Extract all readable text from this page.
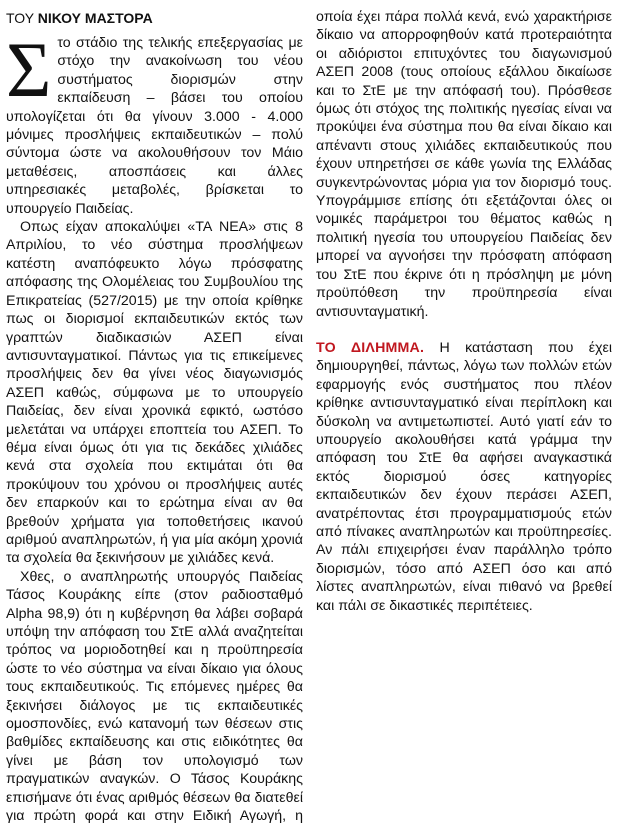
ΤΟΥ ΝΙΚΟΥ ΜΑΣΤΟΡΑ

Στο στάδιο της τελικής επεξεργασίας με στόχο την ανακοίνωση του νέου συστήματος διορισμών στην εκπαίδευση – βάσει του οποίου υπολογίζεται ότι θα γίνουν 3.000 - 4.000 μόνιμες προσλήψεις εκπαιδευτικών – πολύ σύντομα ώστε να ακολουθήσουν τον Μάιο μεταθέσεις, αποσπάσεις και άλλες υπηρεσιακές μεταβολές, βρίσκεται το υπουργείο Παιδείας.

Οπως είχαν αποκαλύψει «ΤΑ ΝΕΑ» στις 8 Απριλίου, το νέο σύστημα προσλήψεων κατέστη αναπόφευκτο λόγω πρόσφατης απόφασης της Ολομέλειας του Συμβουλίου της Επικρατείας (527/2015) με την οποία κρίθηκε πως οι διορισμοί εκπαιδευτικών εκτός των γραπτών διαδικασιών ΑΣΕΠ είναι αντισυνταγματικοί. Πάντως για τις επικείμενες προσλήψεις δεν θα γίνει νέος διαγωνισμός ΑΣΕΠ καθώς, σύμφωνα με το υπουργείο Παιδείας, δεν είναι χρονικά εφικτό, ωστόσο μελετάται να υπάρχει εποπτεία του ΑΣΕΠ. Το θέμα είναι όμως ότι για τις δεκάδες χιλιάδες κενά στα σχολεία που εκτιμάται ότι θα προκύψουν του χρόνου οι προσλήψεις αυτές δεν επαρκούν και το ερώτημα είναι αν θα βρεθούν χρήματα για τοποθετήσεις ικανού αριθμού αναπληρωτών, ή για μία ακόμη χρονιά τα σχολεία θα ξεκινήσουν με χιλιάδες κενά.

Χθες, ο αναπληρωτής υπουργός Παιδείας Τάσος Κουράκης είπε (στον ραδιοσταθμό Alpha 98,9) ότι η κυβέρνηση θα λάβει σοβαρά υπόψη την απόφαση του ΣτΕ αλλά αναζητείται τρόπος να μοριοδοτηθεί και η προϋπηρεσία ώστε το νέο σύστημα να είναι δίκαιο για όλους τους εκπαιδευτικούς. Τις επόμενες ημέρες θα ξεκινήσει διάλογος με τις εκπαιδευτικές ομοσπονδίες, ενώ κατανομή των θέσεων στις βαθμίδες εκπαίδευσης και στις ειδικότητες θα γίνει με βάση τον υπολογισμό των πραγματικών αναγκών. Ο Τάσος Κουράκης επισήμανε ότι ένας αριθμός θέσεων θα διατεθεί για πρώτη φορά και στην Ειδική Αγωγή, η

οποία έχει πάρα πολλά κενά, ενώ χαρακτήρισε δίκαιο να απορροφηθούν κατά προτεραιότητα οι αδιόριστοι επιτυχόντες του διαγωνισμού ΑΣΕΠ 2008 (τους οποίους εξάλλου δικαίωσε και το ΣτΕ με την απόφασή του). Πρόσθεσε όμως ότι στόχος της πολιτικής ηγεσίας είναι να προκύψει ένα σύστημα που θα είναι δίκαιο και απέναντι στους χιλιάδες εκπαιδευτικούς που έχουν υπηρετήσει σε κάθε γωνία της Ελλάδας συγκεντρώνοντας μόρια για τον διορισμό τους. Υπογράμμισε επίσης ότι εξετάζονται όλες οι νομικές παράμετροι του θέματος καθώς η πολιτική ηγεσία του υπουργείου Παιδείας δεν μπορεί να αγνοήσει την πρόσφατη απόφαση του ΣτΕ που έκρινε ότι η πρόσληψη με μόνη προϋπόθεση την προϋπηρεσία είναι αντισυνταγματική.

ΤΟ ΔΙΛΗΜΜΑ. Η κατάσταση που έχει δημιουργηθεί, πάντως, λόγω των πολλών ετών εφαρμογής ενός συστήματος που πλέον κρίθηκε αντισυνταγματικό είναι περίπλοκη και δύσκολη να αντιμετωπιστεί. Αυτό γιατί εάν το υπουργείο ακολουθήσει κατά γράμμα την απόφαση του ΣτΕ θα αφήσει αναγκαστικά εκτός διορισμού όσες κατηγορίες εκπαιδευτικών δεν έχουν περάσει ΑΣΕΠ, ανατρέποντας έτσι προγραμματισμούς ετών από πίνακες αναπληρωτών και προϋπηρεσίες. Αν πάλι επιχειρήσει έναν παράλληλο τρόπο διορισμών, τόσο από ΑΣΕΠ όσο και από λίστες αναπληρωτών, είναι πιθανό να βρεθεί και πάλι σε δικαστικές περιπέτειες.
